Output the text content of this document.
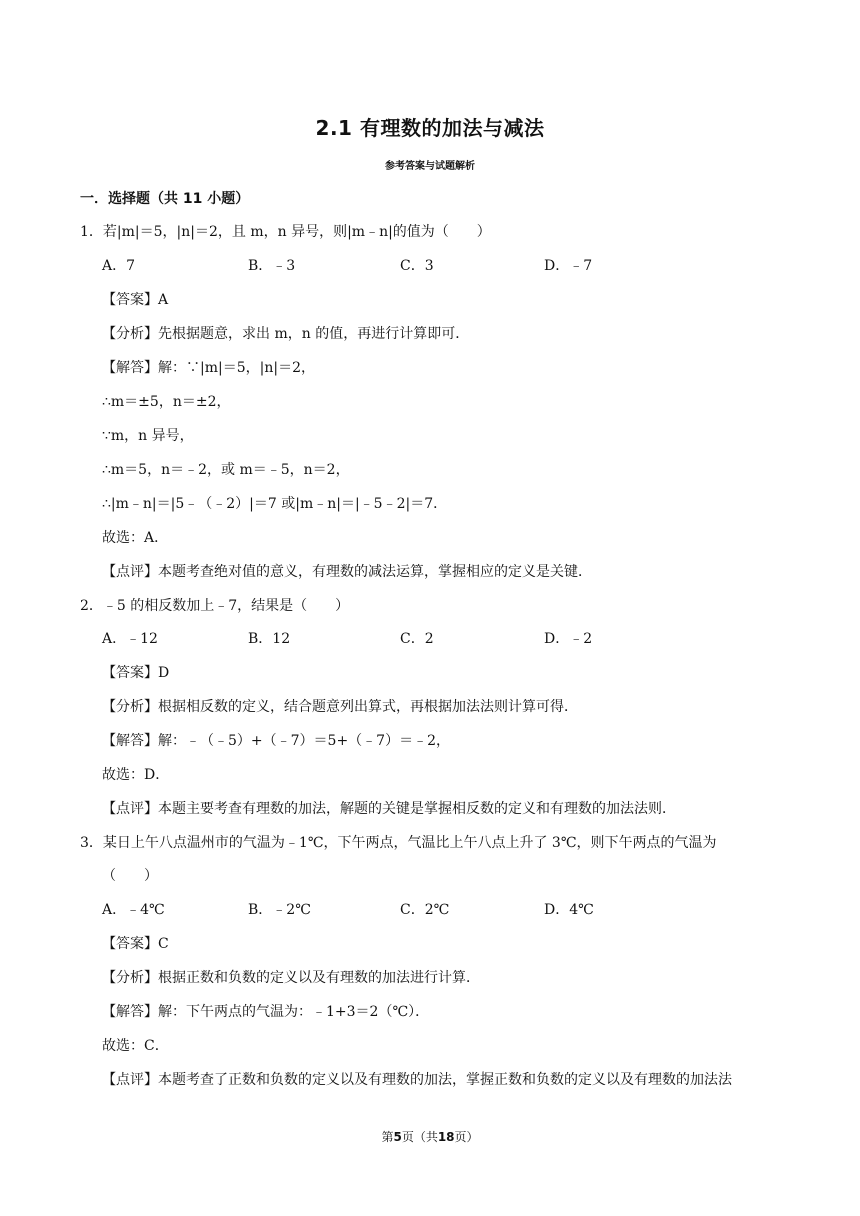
2.1 有理数的加法与减法
参考答案与试题解析
一．选择题（共 11 小题）
1．若|m|＝5，|n|＝2，且 m，n 异号，则|m﹣n|的值为（　　）
A．7	B．﹣3	C．3	D．﹣7
【答案】A
【分析】先根据题意，求出 m，n 的值，再进行计算即可．
【解答】解：∵|m|＝5，|n|＝2，
∴m＝±5，n＝±2，
∵m，n 异号，
∴m＝5，n＝﹣2，或 m＝﹣5，n＝2，
∴|m﹣n|＝|5﹣（﹣2）|＝7 或|m﹣n|＝|﹣5﹣2|＝7．
故选：A．
【点评】本题考查绝对值的意义，有理数的减法运算，掌握相应的定义是关键．
2．﹣5 的相反数加上﹣7，结果是（　　）
A．﹣12	B．12	C．2	D．﹣2
【答案】D
【分析】根据相反数的定义，结合题意列出算式，再根据加法法则计算可得．
【解答】解：﹣（﹣5）+（﹣7）＝5+（﹣7）＝﹣2，
故选：D．
【点评】本题主要考查有理数的加法，解题的关键是掌握相反数的定义和有理数的加法法则．
3．某日上午八点温州市的气温为﹣1℃，下午两点，气温比上午八点上升了 3℃，则下午两点的气温为
（　　）
A．﹣4℃	B．﹣2℃	C．2℃	D．4℃
【答案】C
【分析】根据正数和负数的定义以及有理数的加法进行计算．
【解答】解：下午两点的气温为：﹣1+3＝2（℃）．
故选：C．
【点评】本题考查了正数和负数的定义以及有理数的加法，掌握正数和负数的定义以及有理数的加法法
第5页（共18页）
